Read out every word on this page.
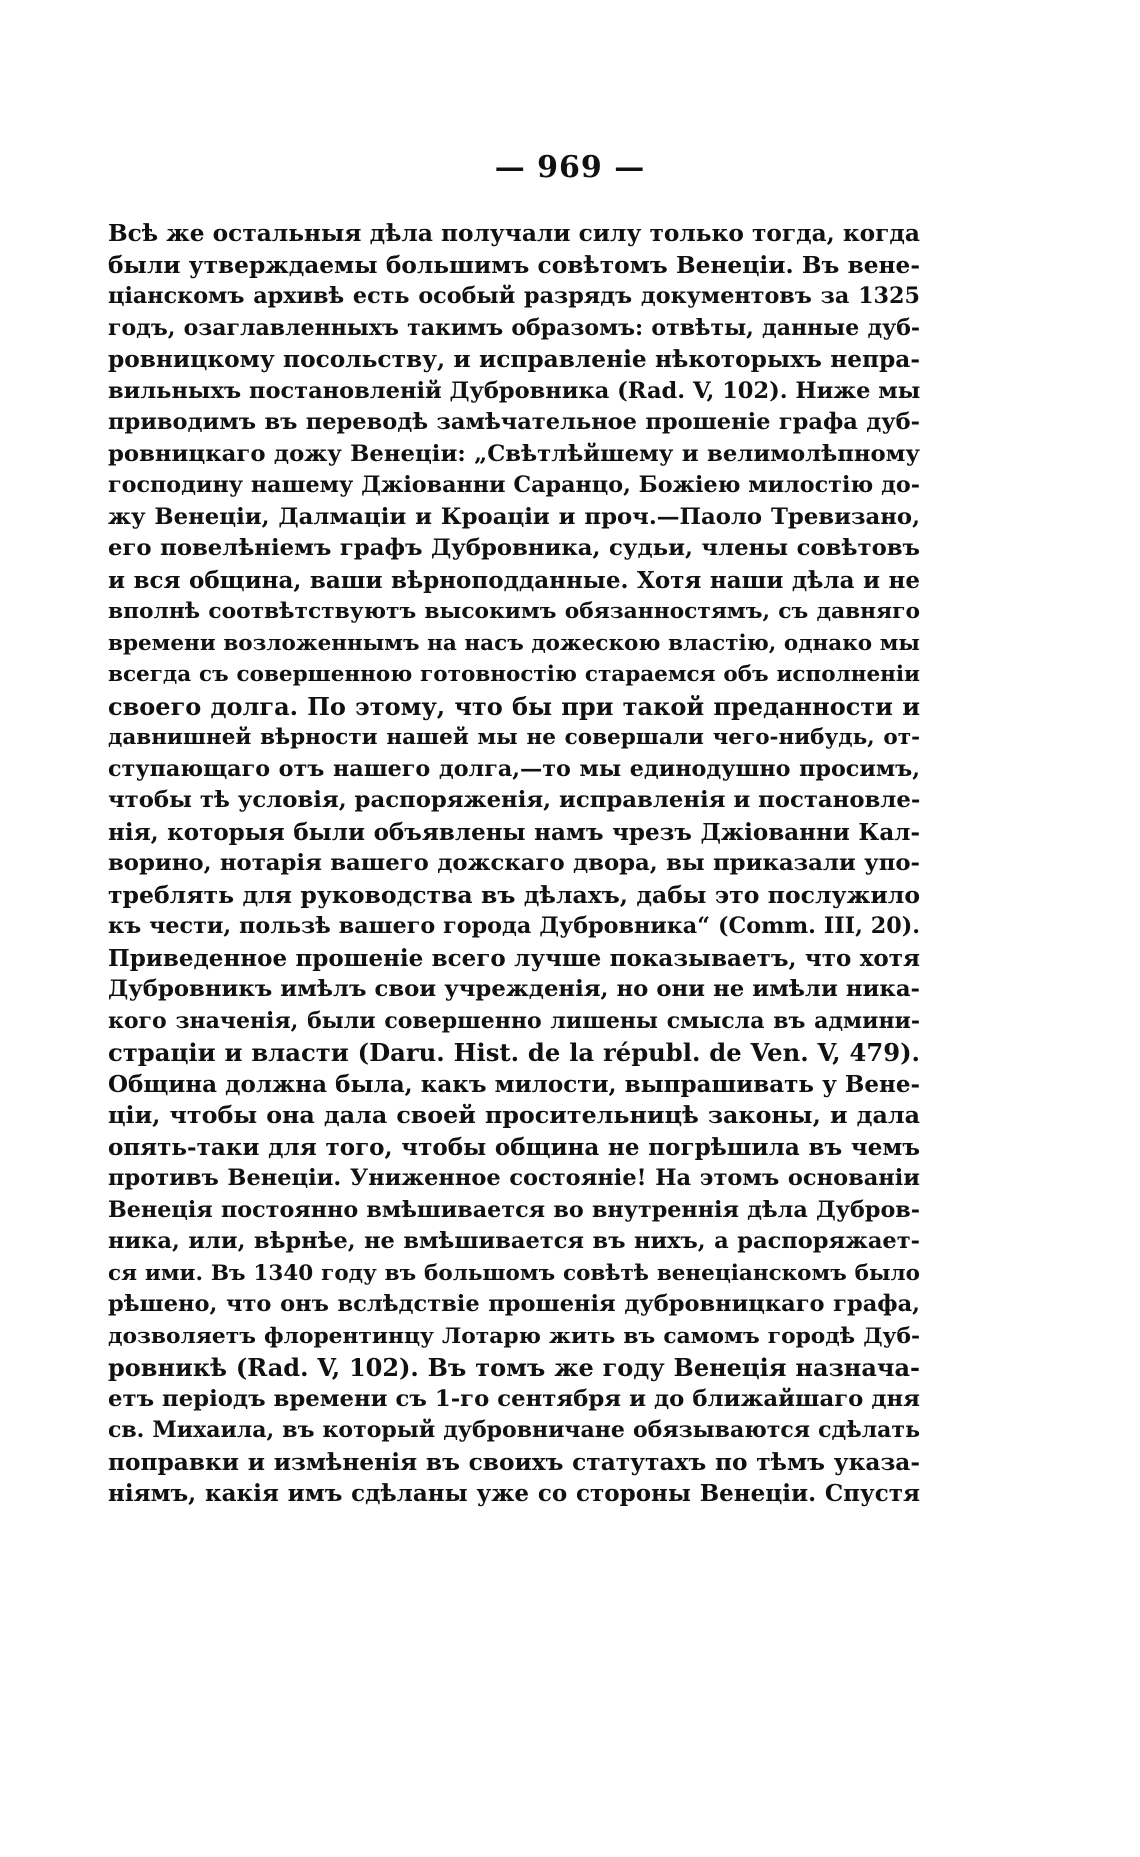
— 969 —
Всѣ же остальныя дѣла получали силу только тогда, когда
были утверждаемы большимъ совѣтомъ Венеціи. Въ вене-
ціанскомъ архивѣ есть особый разрядъ документовъ за 1325
годъ, озаглавленныхъ такимъ образомъ: отвѣты, данные дуб-
ровницкому посольству, и исправленіе нѣкоторыхъ непра-
вильныхъ постановленій Дубровника (Rad. V, 102). Ниже мы
приводимъ въ переводѣ замѣчательное прошеніе графа дуб-
ровницкаго дожу Венеціи: „Свѣтлѣйшему и велимолѣпному
господину нашему Джіованни Саранцо, Божіею милостію до-
жу Венеціи, Далмаціи и Кроаціи и проч.—Паоло Тревизано,
его повелѣніемъ графъ Дубровника, судьи, члены совѣтовъ
и вся община, ваши вѣрноподданные. Хотя наши дѣла и не
вполнѣ соотвѣтствуютъ высокимъ обязанностямъ, съ давняго
времени возложеннымъ на насъ дожескою властію, однако мы
всегда съ совершенною готовностію стараемся объ исполненіи
своего долга. По этому, что бы при такой преданности и
давнишней вѣрности нашей мы не совершали чего-нибудь, от-
ступающаго отъ нашего долга,—то мы единодушно просимъ,
чтобы тѣ условія, распоряженія, исправленія и постановле-
нія, которыя были объявлены намъ чрезъ Джіованни Кал-
ворино, нотарія вашего дожскаго двора, вы приказали упо-
треблять для руководства въ дѣлахъ, дабы это послужило
къ чести, пользѣ вашего города Дубровника“ (Comm. III, 20).
Приведенное прошеніе всего лучше показываетъ, что хотя
Дубровникъ имѣлъ свои учрежденія, но они не имѣли ника-
кого значенія, были совершенно лишены смысла въ админи-
страціи и власти (Daru. Hist. de la républ. de Ven. V, 479).
Община должна была, какъ милости, выпрашивать у Вене-
ціи, чтобы она дала своей просительницѣ законы, и дала
опять-таки для того, чтобы община не погрѣшила въ чемъ
противъ Венеціи. Униженное состояніе! На этомъ основаніи
Венеція постоянно вмѣшивается во внутреннія дѣла Дубров-
ника, или, вѣрнѣе, не вмѣшивается въ нихъ, а распоряжает-
ся ими. Въ 1340 году въ большомъ совѣтѣ венеціанскомъ было
рѣшено, что онъ вслѣдствіе прошенія дубровницкаго графа,
дозволяетъ флорентинцу Лотарю жить въ самомъ городѣ Дуб-
ровникѣ (Rad. V, 102). Въ томъ же году Венеція назнача-
етъ періодъ времени съ 1-го сентября и до ближайшаго дня
св. Михаила, въ который дубровничане обязываются сдѣлать
поправки и измѣненія въ своихъ статутахъ по тѣмъ указа-
ніямъ, какія имъ сдѣланы уже со стороны Венеціи. Спустя
